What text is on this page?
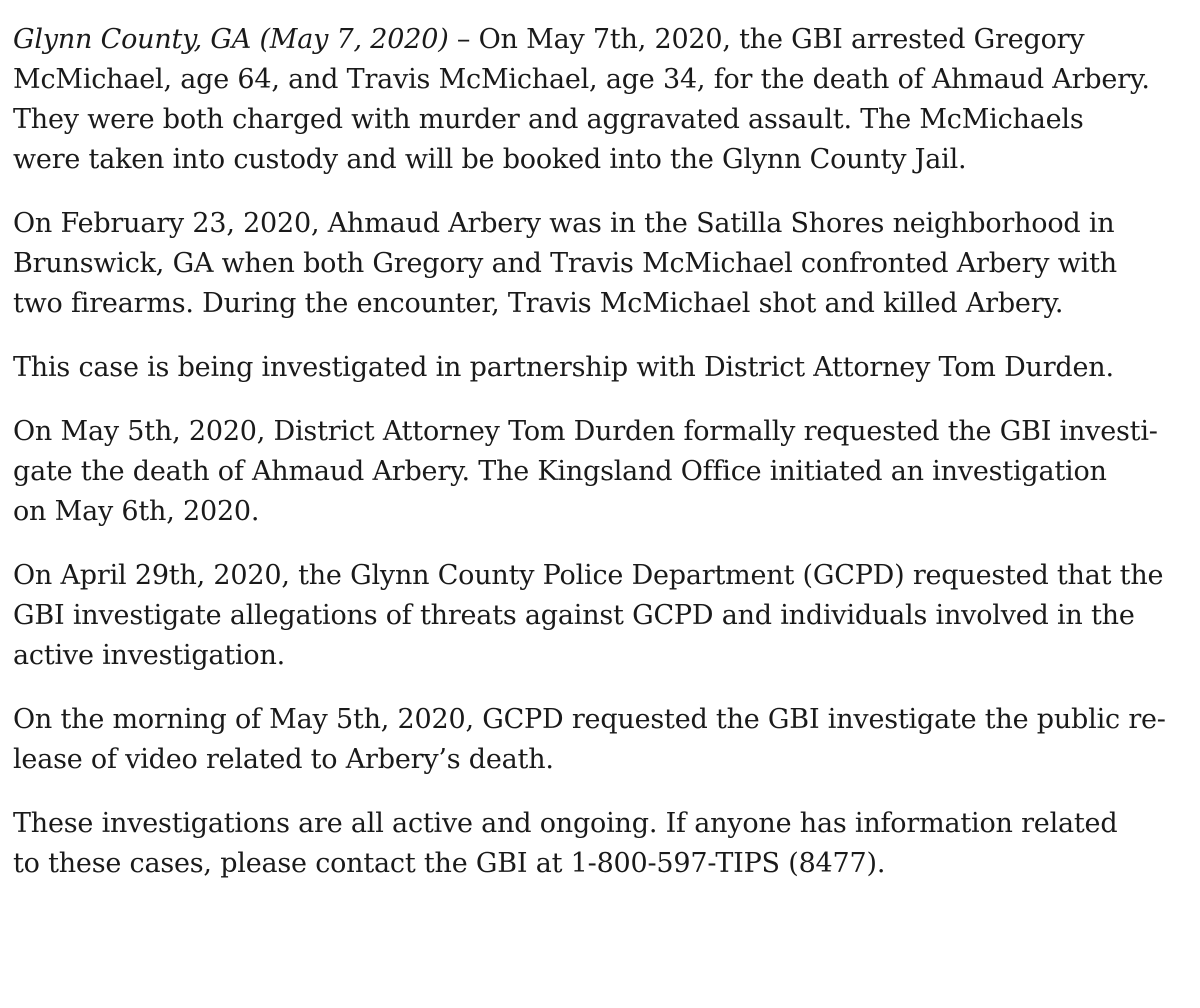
Glynn County, GA (May 7, 2020) – On May 7th, 2020, the GBI arrested Gregory
McMichael, age 64, and Travis McMichael, age 34, for the death of Ahmaud Arbery.
They were both charged with murder and aggravated assault. The McMichaels
were taken into custody and will be booked into the Glynn County Jail.

On February 23, 2020, Ahmaud Arbery was in the Satilla Shores neighborhood in
Brunswick, GA when both Gregory and Travis McMichael confronted Arbery with
two firearms. During the encounter, Travis McMichael shot and killed Arbery.

This case is being investigated in partnership with District Attorney Tom Durden.

On May 5th, 2020, District Attorney Tom Durden formally requested the GBI investi-
gate the death of Ahmaud Arbery. The Kingsland Office initiated an investigation
on May 6th, 2020.

On April 29th, 2020, the Glynn County Police Department (GCPD) requested that the
GBI investigate allegations of threats against GCPD and individuals involved in the
active investigation.

On the morning of May 5th, 2020, GCPD requested the GBI investigate the public re-
lease of video related to Arbery’s death.

These investigations are all active and ongoing. If anyone has information related
to these cases, please contact the GBI at 1-800-597-TIPS (8477).
